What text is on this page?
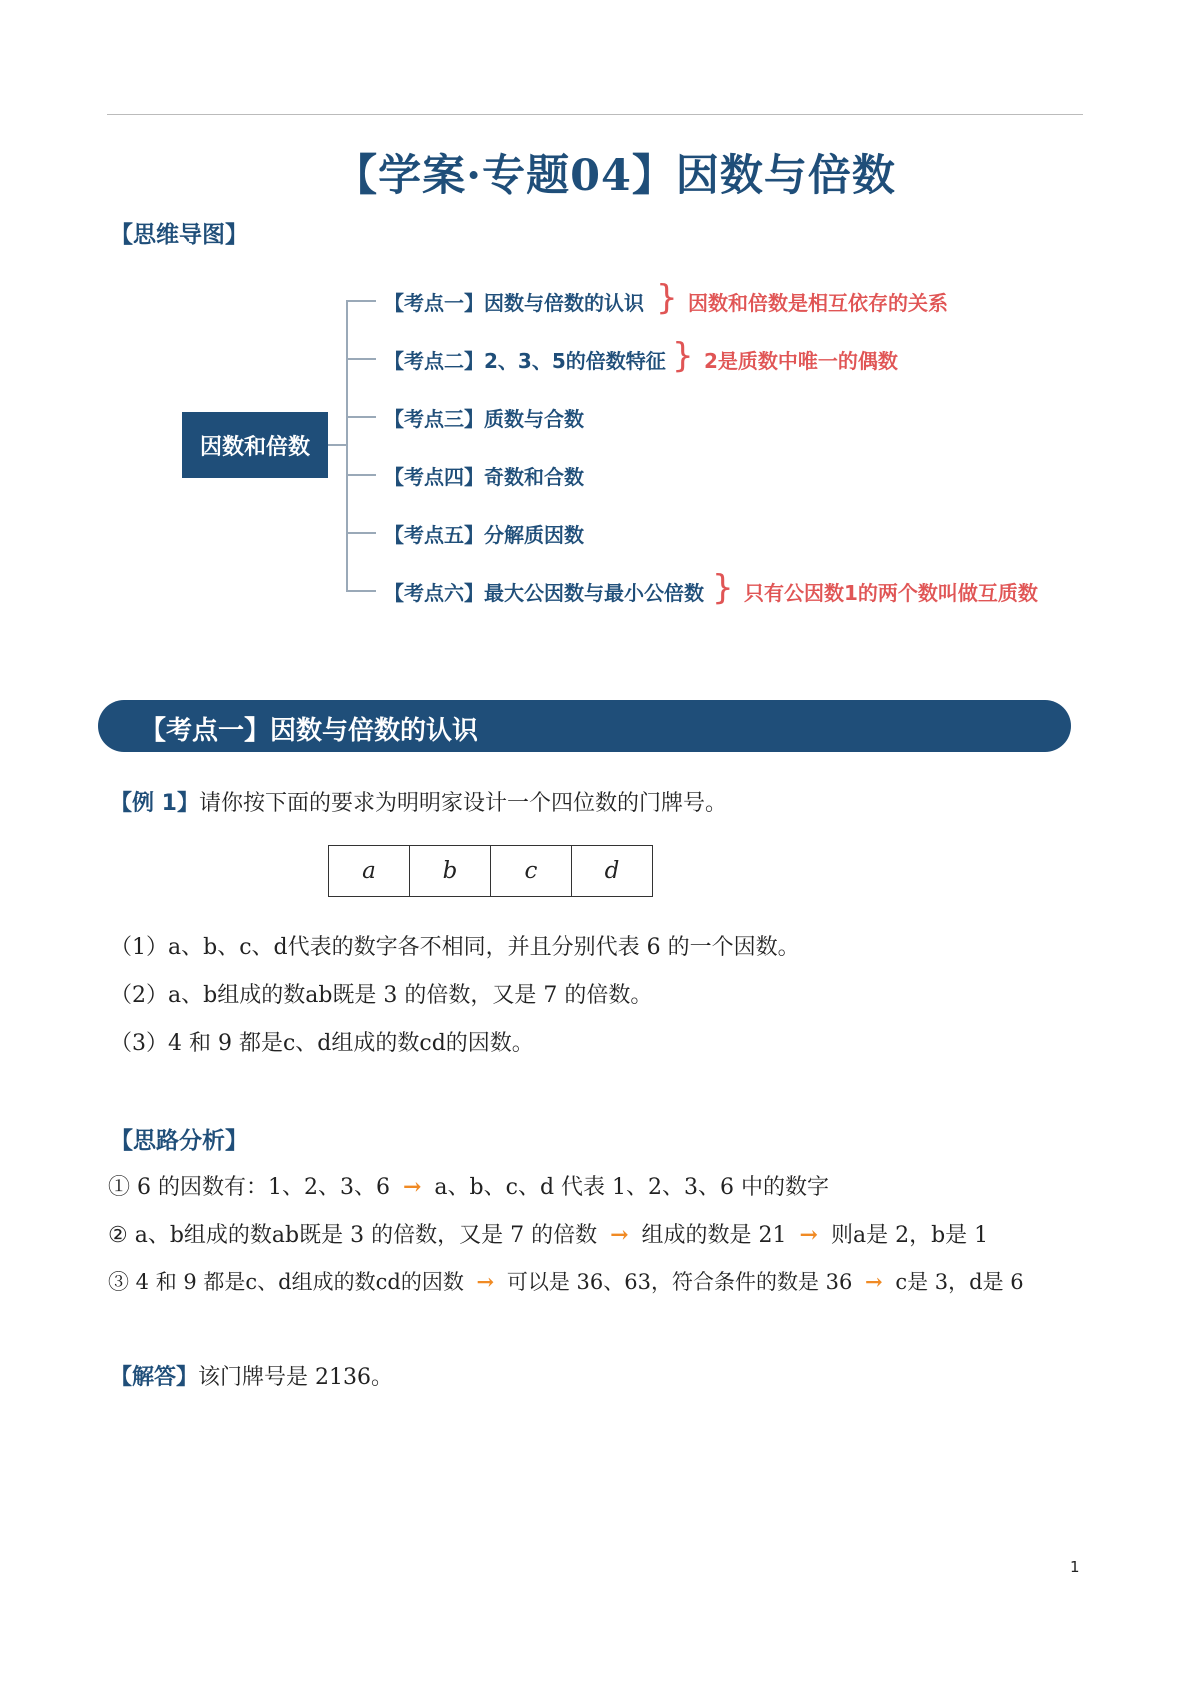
【学案·专题04】因数与倍数
【思维导图】
因数和倍数
【考点一】因数与倍数的认识 } 因数和倍数是相互依存的关系
【考点二】2、3、5的倍数特征 } 2是质数中唯一的偶数
【考点三】质数与合数
【考点四】奇数和合数
【考点五】分解质因数
【考点六】最大公因数与最小公倍数 } 只有公因数1的两个数叫做互质数
【考点一】因数与倍数的认识
【例 1】请你按下面的要求为明明家设计一个四位数的门牌号。
a	b	c	d
（1）a、b、c、d代表的数字各不相同，并且分别代表 6 的一个因数。
（2）a、b组成的数ab既是 3 的倍数，又是 7 的倍数。
（3）4 和 9 都是c、d组成的数cd的因数。
【思路分析】
① 6 的因数有：1、2、3、6 → a、b、c、d 代表 1、2、3、6 中的数字
② a、b组成的数ab既是 3 的倍数，又是 7 的倍数 → 组成的数是 21 → 则a是 2，b是 1
③ 4 和 9 都是c、d组成的数cd的因数 → 可以是 36、63，符合条件的数是 36 → c是 3，d是 6
【解答】该门牌号是 2136。
1
